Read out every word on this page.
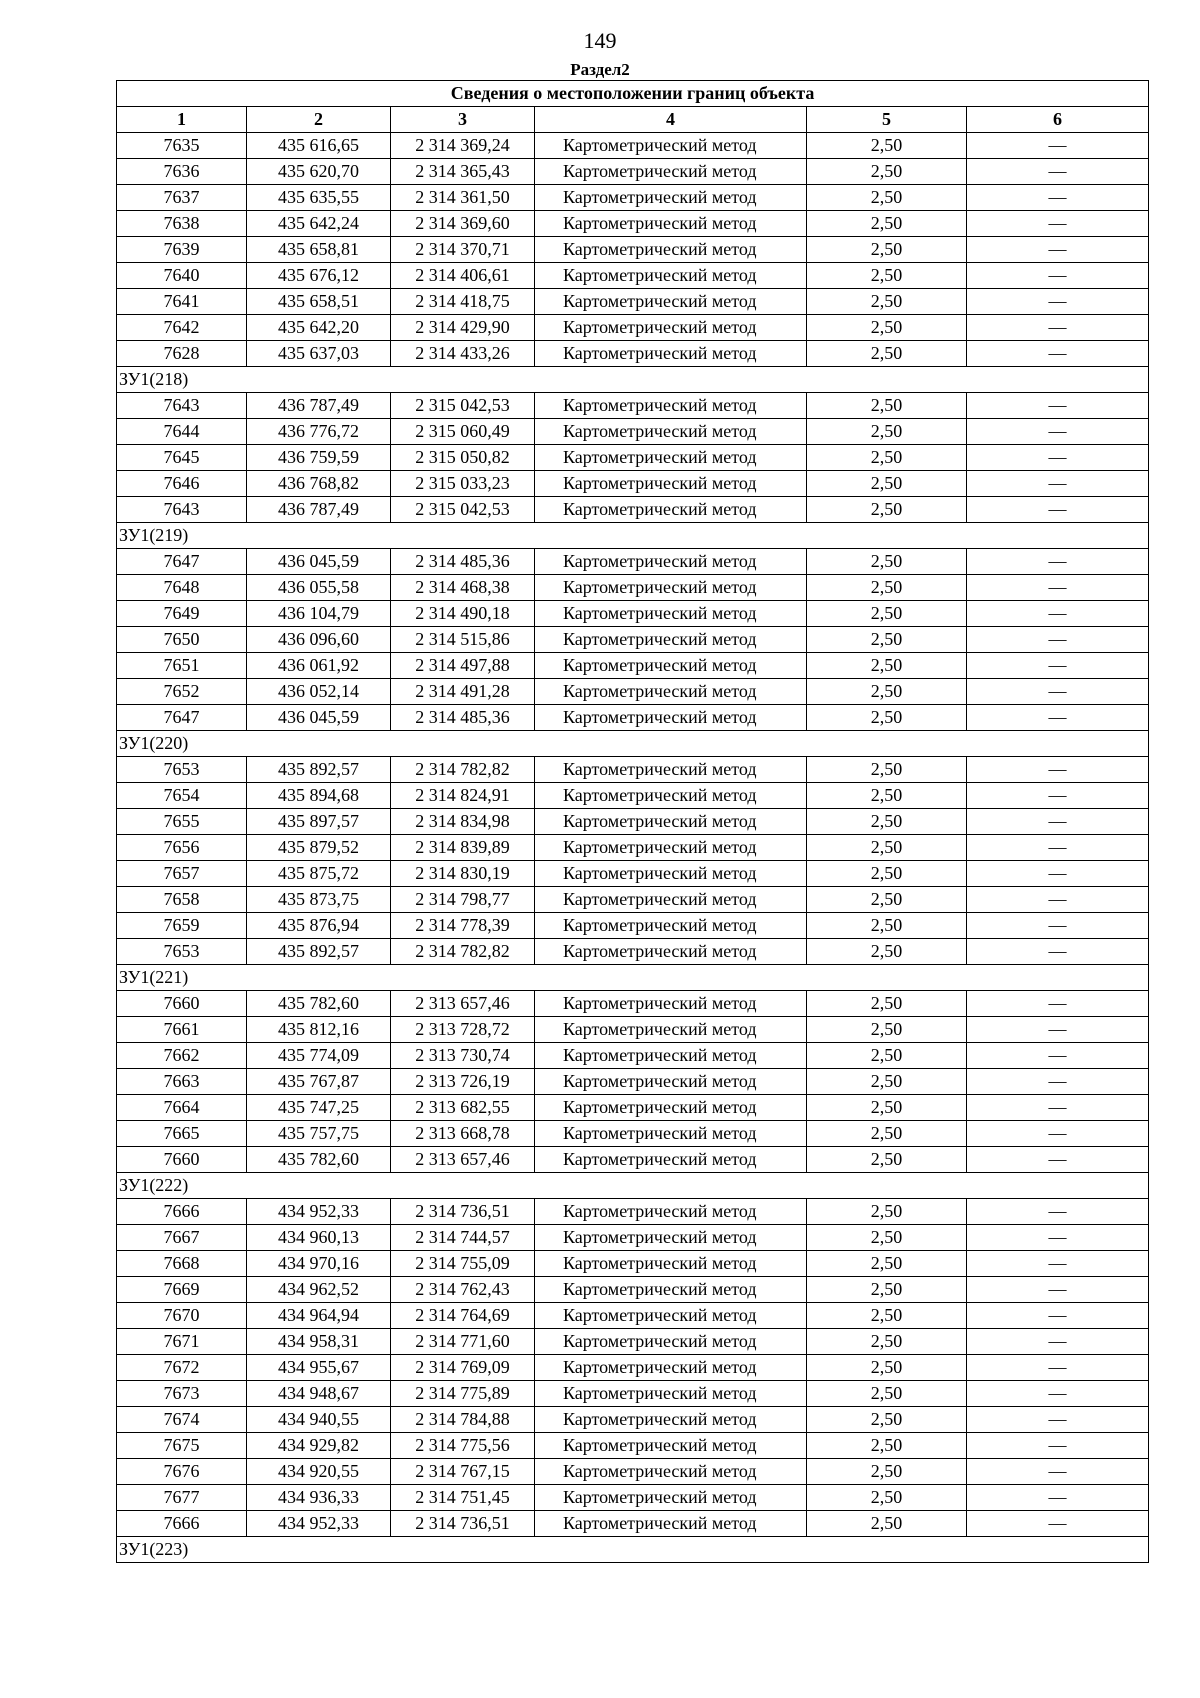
149
Раздел2
Сведения о местоположении границ объекта					
1	2	3	4	5	6
7635	435 616,65	2 314 369,24	Картометрический метод	2,50	—
7636	435 620,70	2 314 365,43	Картометрический метод	2,50	—
7637	435 635,55	2 314 361,50	Картометрический метод	2,50	—
7638	435 642,24	2 314 369,60	Картометрический метод	2,50	—
7639	435 658,81	2 314 370,71	Картометрический метод	2,50	—
7640	435 676,12	2 314 406,61	Картометрический метод	2,50	—
7641	435 658,51	2 314 418,75	Картометрический метод	2,50	—
7642	435 642,20	2 314 429,90	Картометрический метод	2,50	—
7628	435 637,03	2 314 433,26	Картометрический метод	2,50	—
ЗУ1(218)					
7643	436 787,49	2 315 042,53	Картометрический метод	2,50	—
7644	436 776,72	2 315 060,49	Картометрический метод	2,50	—
7645	436 759,59	2 315 050,82	Картометрический метод	2,50	—
7646	436 768,82	2 315 033,23	Картометрический метод	2,50	—
7643	436 787,49	2 315 042,53	Картометрический метод	2,50	—
ЗУ1(219)					
7647	436 045,59	2 314 485,36	Картометрический метод	2,50	—
7648	436 055,58	2 314 468,38	Картометрический метод	2,50	—
7649	436 104,79	2 314 490,18	Картометрический метод	2,50	—
7650	436 096,60	2 314 515,86	Картометрический метод	2,50	—
7651	436 061,92	2 314 497,88	Картометрический метод	2,50	—
7652	436 052,14	2 314 491,28	Картометрический метод	2,50	—
7647	436 045,59	2 314 485,36	Картометрический метод	2,50	—
ЗУ1(220)					
7653	435 892,57	2 314 782,82	Картометрический метод	2,50	—
7654	435 894,68	2 314 824,91	Картометрический метод	2,50	—
7655	435 897,57	2 314 834,98	Картометрический метод	2,50	—
7656	435 879,52	2 314 839,89	Картометрический метод	2,50	—
7657	435 875,72	2 314 830,19	Картометрический метод	2,50	—
7658	435 873,75	2 314 798,77	Картометрический метод	2,50	—
7659	435 876,94	2 314 778,39	Картометрический метод	2,50	—
7653	435 892,57	2 314 782,82	Картометрический метод	2,50	—
ЗУ1(221)					
7660	435 782,60	2 313 657,46	Картометрический метод	2,50	—
7661	435 812,16	2 313 728,72	Картометрический метод	2,50	—
7662	435 774,09	2 313 730,74	Картометрический метод	2,50	—
7663	435 767,87	2 313 726,19	Картометрический метод	2,50	—
7664	435 747,25	2 313 682,55	Картометрический метод	2,50	—
7665	435 757,75	2 313 668,78	Картометрический метод	2,50	—
7660	435 782,60	2 313 657,46	Картометрический метод	2,50	—
ЗУ1(222)					
7666	434 952,33	2 314 736,51	Картометрический метод	2,50	—
7667	434 960,13	2 314 744,57	Картометрический метод	2,50	—
7668	434 970,16	2 314 755,09	Картометрический метод	2,50	—
7669	434 962,52	2 314 762,43	Картометрический метод	2,50	—
7670	434 964,94	2 314 764,69	Картометрический метод	2,50	—
7671	434 958,31	2 314 771,60	Картометрический метод	2,50	—
7672	434 955,67	2 314 769,09	Картометрический метод	2,50	—
7673	434 948,67	2 314 775,89	Картометрический метод	2,50	—
7674	434 940,55	2 314 784,88	Картометрический метод	2,50	—
7675	434 929,82	2 314 775,56	Картометрический метод	2,50	—
7676	434 920,55	2 314 767,15	Картометрический метод	2,50	—
7677	434 936,33	2 314 751,45	Картометрический метод	2,50	—
7666	434 952,33	2 314 736,51	Картометрический метод	2,50	—
ЗУ1(223)					
